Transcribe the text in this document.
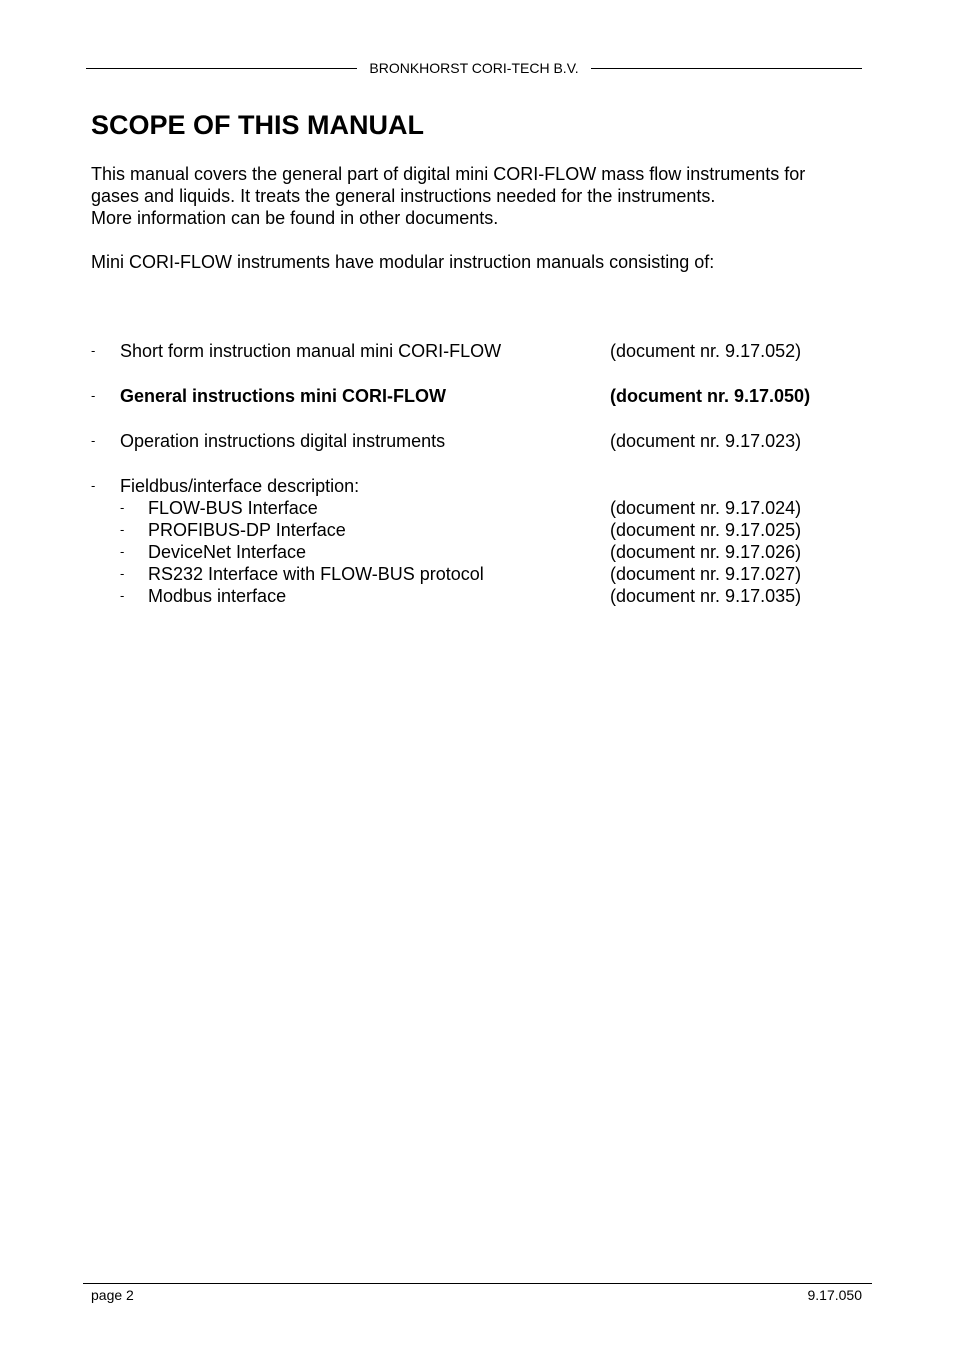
BRONKHORST CORI-TECH B.V.
SCOPE OF THIS MANUAL
This manual covers the general part of digital mini CORI-FLOW mass flow instruments for
gases and liquids. It treats the general instructions needed for the instruments.
More information can be found in other documents.
Mini CORI-FLOW instruments have modular instruction manuals consisting of:
- Short form instruction manual mini CORI-FLOW	(document nr. 9.17.052)
- General instructions mini CORI-FLOW	(document nr. 9.17.050)
- Operation instructions digital instruments	(document nr. 9.17.023)
- Fieldbus/interface description:
- FLOW-BUS Interface	(document nr. 9.17.024)
- PROFIBUS-DP Interface	(document nr. 9.17.025)
- DeviceNet Interface	(document nr. 9.17.026)
- RS232 Interface with FLOW-BUS protocol	(document nr. 9.17.027)
- Modbus interface	(document nr. 9.17.035)
page 2	9.17.050
